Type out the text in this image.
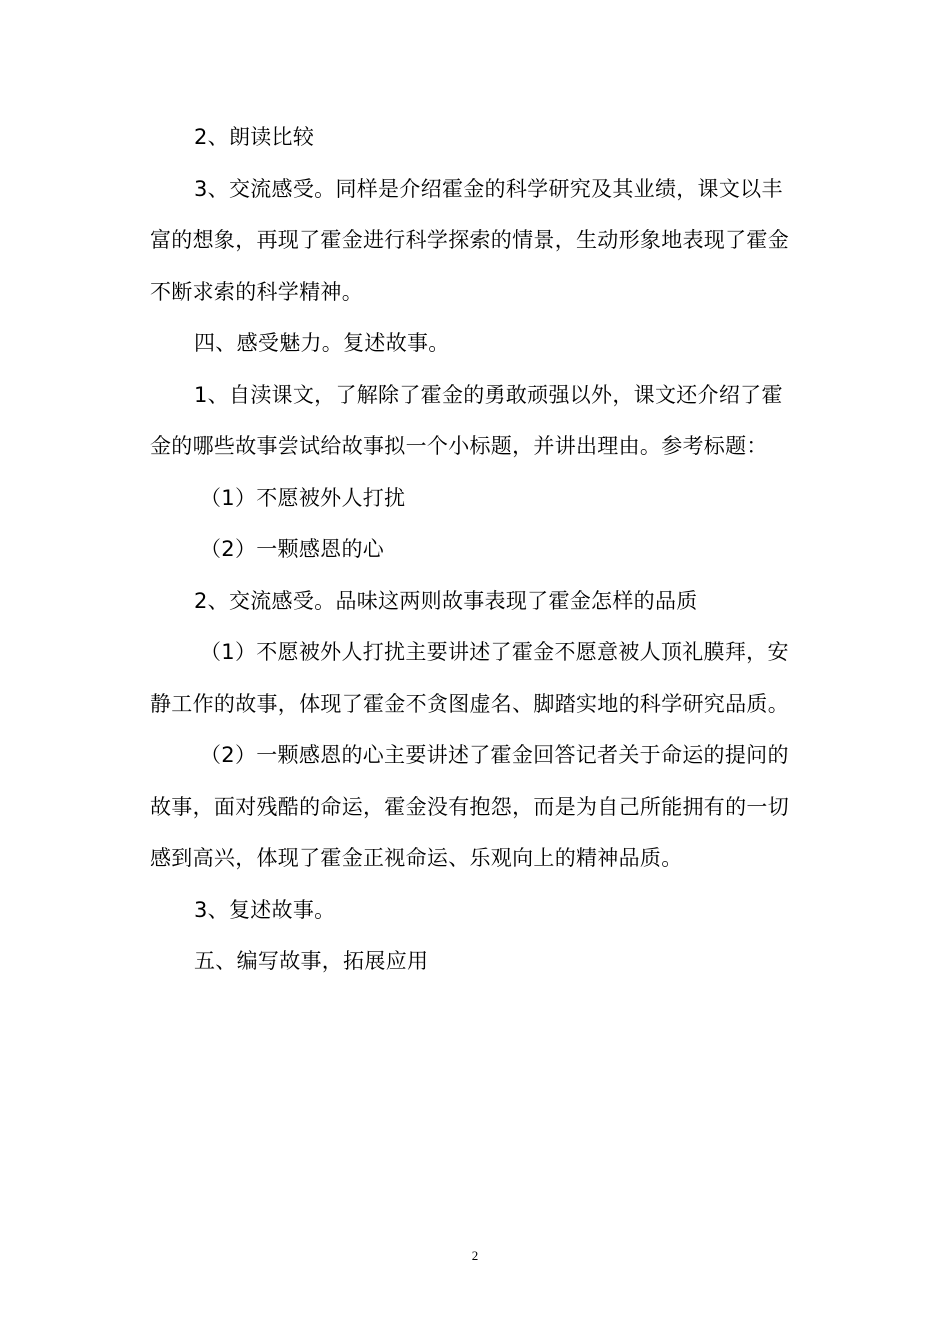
2、朗读比较

3、交流感受。同样是介绍霍金的科学研究及其业绩，课文以丰富的想象，再现了霍金进行科学探索的情景，生动形象地表现了霍金不断求索的科学精神。

四、感受魅力。复述故事。

1、自渎课文，了解除了霍金的勇敢顽强以外，课文还介绍了霍金的哪些故事尝试给故事拟一个小标题，并讲出理由。参考标题：

（1）不愿被外人打扰

（2）一颗感恩的心

2、交流感受。品味这两则故事表现了霍金怎样的品质

（1）不愿被外人打扰主要讲述了霍金不愿意被人顶礼膜拜，安静工作的故事，体现了霍金不贪图虚名、脚踏实地的科学研究品质。

（2）一颗感恩的心主要讲述了霍金回答记者关于命运的提问的故事，面对残酷的命运，霍金没有抱怨，而是为自己所能拥有的一切感到高兴，体现了霍金正视命运、乐观向上的精神品质。

3、复述故事。

五、编写故事，拓展应用

2
